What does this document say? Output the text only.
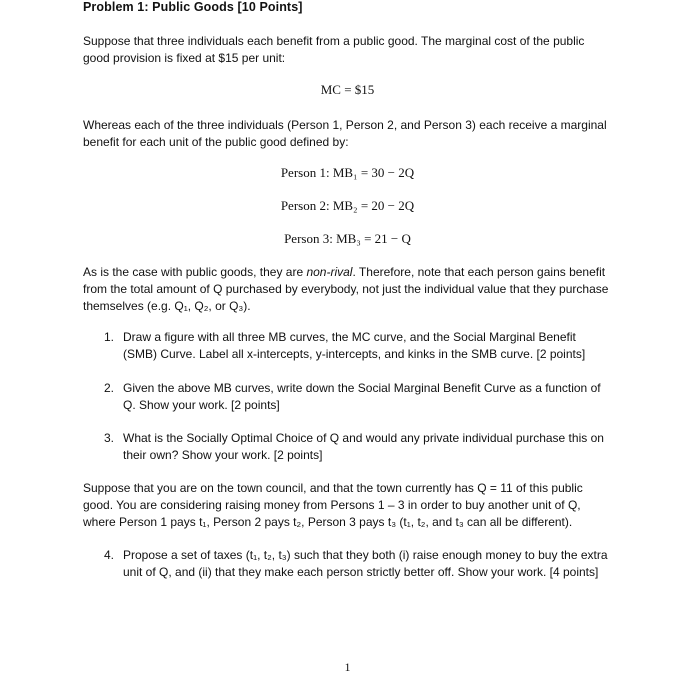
Problem 1: Public Goods [10 Points]
Suppose that three individuals each benefit from a public good. The marginal cost of the public good provision is fixed at $15 per unit:
MC = $15
Whereas each of the three individuals (Person 1, Person 2, and Person 3) each receive a marginal benefit for each unit of the public good defined by:
Person 1: MB₁ = 30 − 2Q
Person 2: MB₂ = 20 − 2Q
Person 3: MB₃ = 21 − Q
As is the case with public goods, they are non-rival. Therefore, note that each person gains benefit from the total amount of Q purchased by everybody, not just the individual value that they purchase themselves (e.g. Q₁, Q₂, or Q₃).
1. Draw a figure with all three MB curves, the MC curve, and the Social Marginal Benefit (SMB) Curve. Label all x-intercepts, y-intercepts, and kinks in the SMB curve. [2 points]
2. Given the above MB curves, write down the Social Marginal Benefit Curve as a function of Q. Show your work. [2 points]
3. What is the Socially Optimal Choice of Q and would any private individual purchase this on their own? Show your work. [2 points]
Suppose that you are on the town council, and that the town currently has Q = 11 of this public good. You are considering raising money from Persons 1 – 3 in order to buy another unit of Q, where Person 1 pays t₁, Person 2 pays t₂, Person 3 pays t₃ (t₁, t₂, and t₃ can all be different).
4. Propose a set of taxes (t₁, t₂, t₃) such that they both (i) raise enough money to buy the extra unit of Q, and (ii) that they make each person strictly better off. Show your work. [4 points]
1
